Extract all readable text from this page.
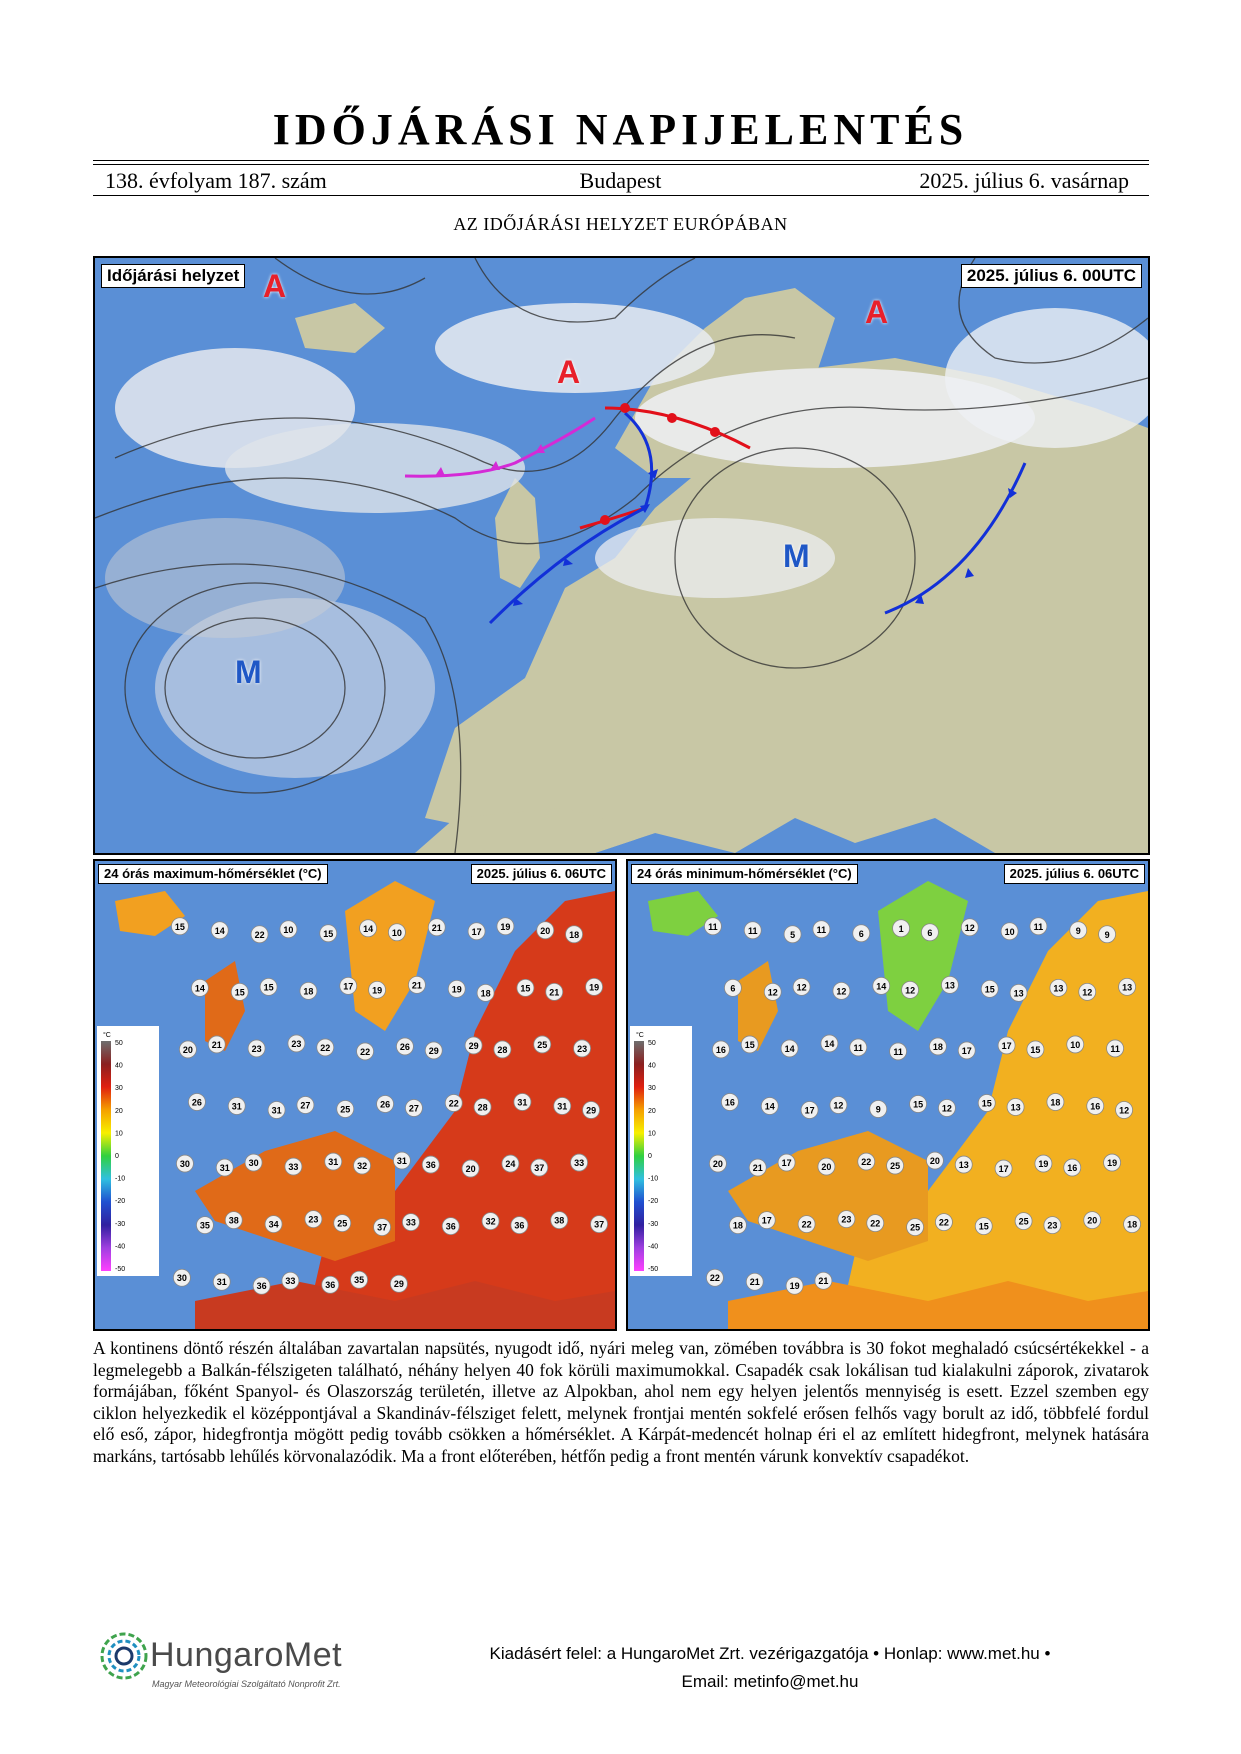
IDŐJÁRÁSI NAPIJELENTÉS
138. évfolyam 187. szám	Budapest	2025. július 6. vasárnap
AZ IDŐJÁRÁSI HELYZET EURÓPÁBAN
Időjárási helyzet	2025. július 6. 00UTC
A
A
A
M
M
°C
50
40
30
20
10
0
-10
-20
-30
-40
-50
15	14	22 10	15	14 10	21	17 19	20 18
14	15 15	18	17 19	21	19 18	15 21	19
20 21	23	23 22	22	26 29	29 28	25	23
26	31	31 27	25	26 27	22 28	31	31 29
30	31 30	33	31 32	31 36	20	24 37	33
35 38	34	23 25	37 33	36	32 36	38	37
30	31	36 33	36 35	29
24 órás maximum-hőmérséklet (°C)	2025. július 6. 06UTC
°C
50
40
30
20
10
0
-10
-20
-30
-40
-50
11	11	5 11	6	1	6	12	10 11	9	9
6	12 12	12	14 12	13	15 13	13 12	13
16 15	14	14 11	11	18 17	17 15	10	11
16	14	17 12	9	15 12	15 13	18	16 12
20	21 17	20	22 25	20 13	17	19 16	19
18 17	22	23 22	25 22	15	25 23	20	18
22	21	19 21
24 órás minimum-hőmérséklet (°C)	2025. július 6. 06UTC

A kontinens döntő részén általában zavartalan napsütés, nyugodt idő, nyári meleg van, zömében továbbra is 30 fokot meghaladó csúcsértékekkel - a legmelegebb a Balkán-félszigeten található, néhány helyen 40 fok körüli maximumokkal. Csapadék csak lokálisan tud kialakulni záporok, zivatarok formájában, főként Spanyol- és Olaszország területén, illetve az Alpokban, ahol nem egy helyen jelentős mennyiség is esett. Ezzel szemben egy ciklon helyezkedik el középpontjával a Skandináv-félsziget felett, melynek frontjai mentén sokfelé erősen felhős vagy borult az idő, többfelé fordul elő eső, zápor, hidegfrontja mögött pedig tovább csökken a hőmérséklet. A Kárpát-medencét holnap éri el az említett hidegfront, melynek hatására markáns, tartósabb lehűlés körvonalazódik. Ma a front előterében, hétfőn pedig a front mentén várunk konvektív csapadékot.

HungaroMet
Magyar Meteorológiai Szolgáltató Nonprofit Zrt.
Kiadásért felel: a HungaroMet Zrt. vezérigazgatója • Honlap: www.met.hu •
Email: metinfo@met.hu
